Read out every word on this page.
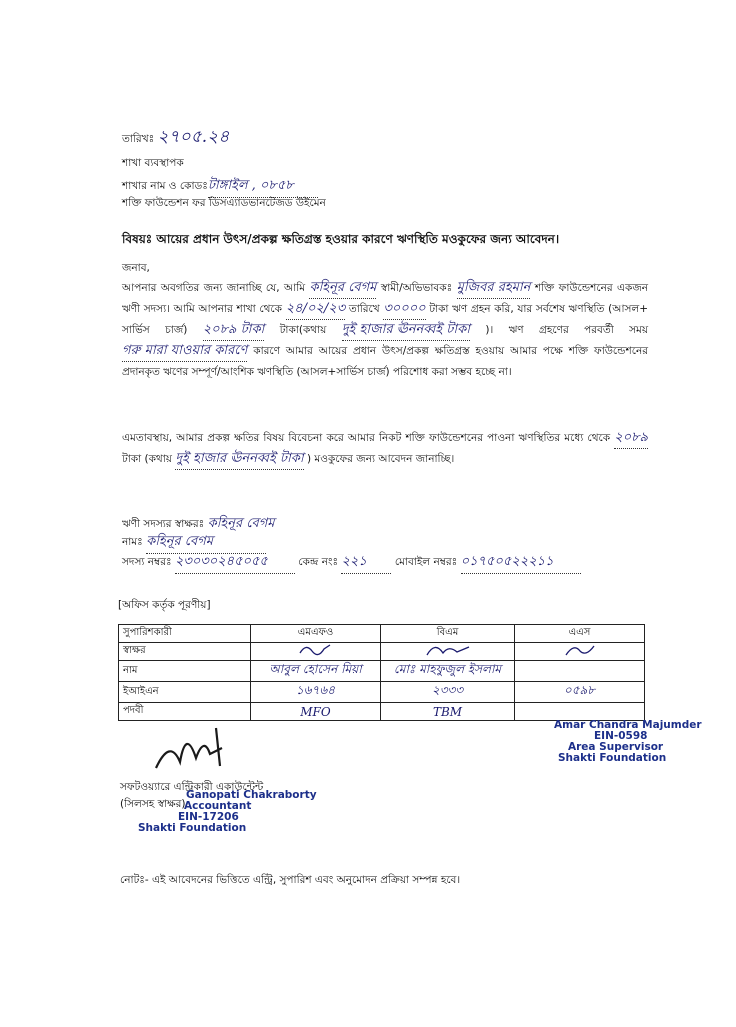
তারিখঃ ২৭০৫.২৪
শাখা ব্যবস্থাপক
শাখার নাম ও কোডঃটাঙ্গাইল , ০৮৫৮
শক্তি ফাউন্ডেশন ফর ডিসএ্যাডভানটেজড উইমেন
বিষয়ঃ আয়ের প্রধান উৎস/প্রকল্প ক্ষতিগ্রস্ত হওয়ার কারণে ঋণস্থিতি মওকুফের জন্য আবেদন।
জনাব,
আপনার অবগতির জন্য জানাচ্ছি যে, আমি কহিনূর বেগম স্বামী/অভিভাবকঃ মুজিবর রহমান শক্তি ফাউন্ডেশনের একজন ঋণী সদস্য। আমি আপনার শাখা থেকে ২৪/০২/২৩ তারিখে ৩০০০০ টাকা ঋণ গ্রহন করি, যার সর্বশেষ ঋণস্থিতি (আসল+ সার্ভিস চার্জ) ২০৮৯ টাকা টাকা(কথায় দুই হাজার ঊননব্বই টাকা )। ঋণ গ্রহণের পরবর্তী সময় গরু মারা যাওয়ার কারণে কারণে আমার আয়ের প্রধান উৎস/প্রকল্প ক্ষতিগ্রস্ত হওয়ায় আমার পক্ষে শক্তি ফাউন্ডেশনের প্রদানকৃত ঋণের সম্পূর্ণ/আংশিক ঋণস্থিতি (আসল+সার্ভিস চার্জ) পরিশোধ করা সম্ভব হচ্ছে না।
এমতাবস্থায়, আমার প্রকল্প ক্ষতির বিষয় বিবেচনা করে আমার নিকট শক্তি ফাউন্ডেশনের পাওনা ঋণস্থিতির মধ্যে থেকে ২০৮৯ টাকা (কথায় দুই হাজার ঊননব্বই টাকা ) মওকুফের জন্য আবেদন জানাচ্ছি।
ঋণী সদস্যর স্বাক্ষরঃ কহিনূর বেগম
নামঃ কহিনূর বেগম
সদস্য নম্বরঃ ২৩০৩০২৪৫০৫৫	কেন্দ্র নংঃ ২২১	মোবাইল নম্বরঃ ০১৭৫০৫২২২১১
[অফিস কর্তৃক পূরণীয়]
সুপারিশকারী	এমএফও	বিএম	এএস
স্বাক্ষর			
নাম	আবুল হোসেন মিয়া	মোঃ মাহফুজুল ইসলাম	
ইআইএন	১৬৭৬৪	২৩৩৩	০৫৯৮
পদবী	MFO	TBM	
Amar Chandra Majumder
EIN-0598
Area Supervisor
Shakti Foundation
সফটওয়্যারে এন্ট্রিকারী একাউন্টেন্ট
(সিলসহ স্বাক্ষর)
Ganopati Chakraborty
Accountant
EIN-17206
Shakti Foundation
নোটঃ- এই আবেদনের ভিত্তিতে এন্ট্রি, সুপারিশ এবং অনুমোদন প্রক্রিয়া সম্পন্ন হবে।
